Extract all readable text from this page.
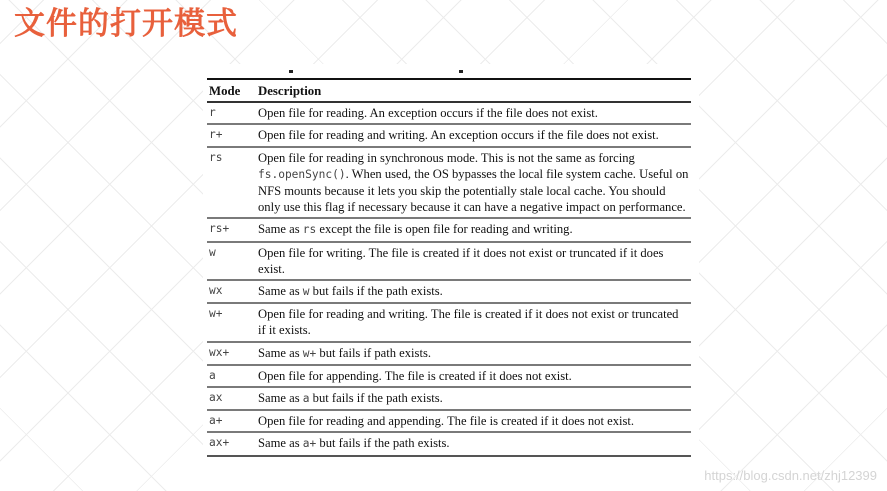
文件的打开模式
Mode	Description
r	Open file for reading. An exception occurs if the file does not exist.
r+	Open file for reading and writing. An exception occurs if the file does not exist.
rs	Open file for reading in synchronous mode. This is not the same as forcing fs.openSync(). When used, the OS bypasses the local file system cache. Useful on NFS mounts because it lets you skip the potentially stale local cache. You should only use this flag if necessary because it can have a negative impact on performance.
rs+	Same as rs except the file is open file for reading and writing.
w	Open file for writing. The file is created if it does not exist or truncated if it does exist.
wx	Same as w but fails if the path exists.
w+	Open file for reading and writing. The file is created if it does not exist or truncated if it exists.
wx+	Same as w+ but fails if path exists.
a	Open file for appending. The file is created if it does not exist.
ax	Same as a but fails if the path exists.
a+	Open file for reading and appending. The file is created if it does not exist.
ax+	Same as a+ but fails if the path exists.
https://blog.csdn.net/zhj12399
